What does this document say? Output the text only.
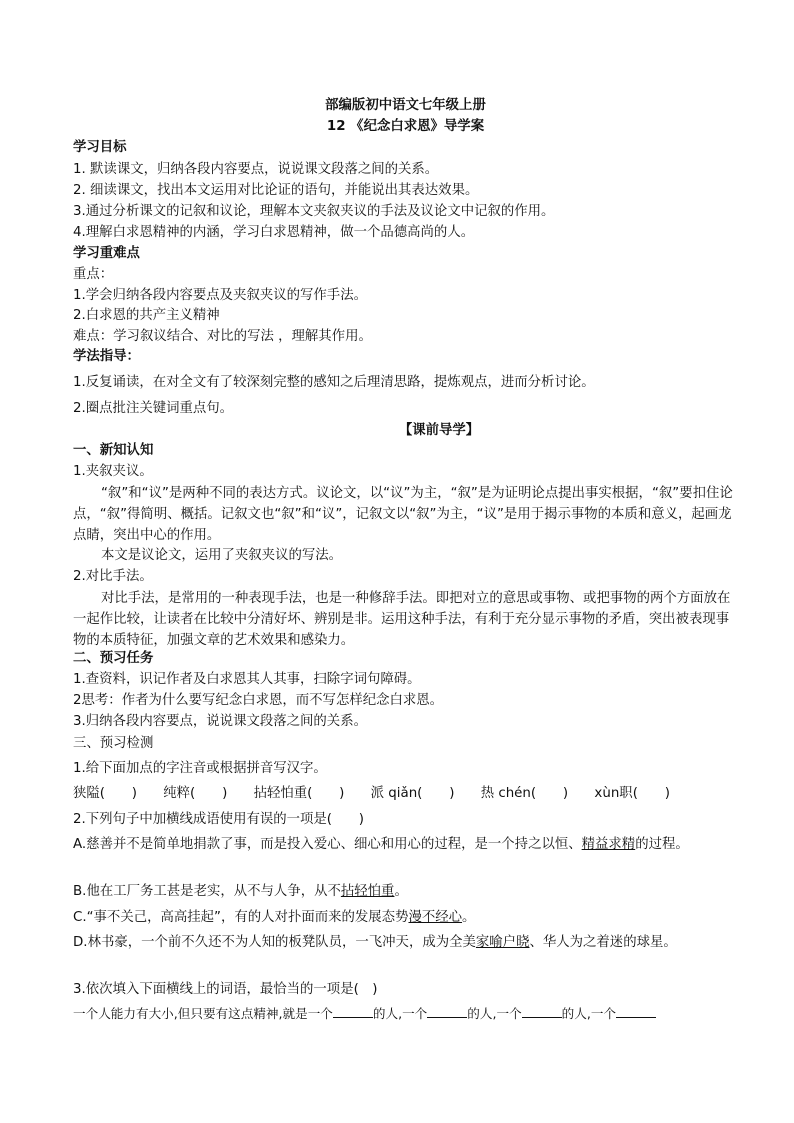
部编版初中语文七年级上册
12 《纪念白求恩》导学案
学习目标
1. 默读课文，归纳各段内容要点，说说课文段落之间的关系。
2. 细读课文，找出本文运用对比论证的语句，并能说出其表达效果。
3.通过分析课文的记叙和议论，理解本文夹叙夹议的手法及议论文中记叙的作用。
4.理解白求恩精神的内涵，学习白求恩精神，做一个品德高尚的人。
学习重难点
重点：
1.学会归纳各段内容要点及夹叙夹议的写作手法。
2.白求恩的共产主义精神
难点：学习叙议结合、对比的写法 ，理解其作用。
学法指导：
1.反复诵读，在对全文有了较深刻完整的感知之后理清思路，提炼观点，进而分析讨论。
2.圈点批注关键词重点句。
【课前导学】
一、新知认知
1.夹叙夹议。
“叙”和“议”是两种不同的表达方式。议论文，以“议”为主，“叙”是为证明论点提出事实根据，“叙”要扣住论点，“叙”得简明、概括。记叙文也“叙”和“议”，记叙文以“叙”为主，“议”是用于揭示事物的本质和意义，起画龙点睛，突出中心的作用。
本文是议论文，运用了夹叙夹议的写法。
2.对比手法。
对比手法，是常用的一种表现手法，也是一种修辞手法。即把对立的意思或事物、或把事物的两个方面放在一起作比较，让读者在比较中分清好坏、辨别是非。运用这种手法，有利于充分显示事物的矛盾，突出被表现事物的本质特征，加强文章的艺术效果和感染力。
二、预习任务
1.查资料，识记作者及白求恩其人其事，扫除字词句障碍。
2思考：作者为什么要写纪念白求恩，而不写怎样纪念白求恩。
3.归纳各段内容要点，说说课文段落之间的关系。
三、预习检测
1.给下面加点的字注音或根据拼音写汉字。
狭隘(　　) 纯粹(　　) 拈轻怕重(　　) 派 qiǎn(　　) 热 chén(　　) xùn职(　　)
2.下列句子中加横线成语使用有误的一项是(　　)
A.慈善并不是简单地捐款了事，而是投入爱心、细心和用心的过程，是一个持之以恒、精益求精的过程。
B.他在工厂务工甚是老实，从不与人争，从不拈轻怕重。
C.“事不关己，高高挂起”，有的人对扑面而来的发展态势漫不经心。
D.林书豪，一个前不久还不为人知的板凳队员，一飞冲天，成为全美家喻户晓、华人为之着迷的球星。
3.依次填入下面横线上的词语，最恰当的一项是(　)
一个人能力有大小,但只要有这点精神,就是一个	的人,一个	的人,一个	的人,一个
